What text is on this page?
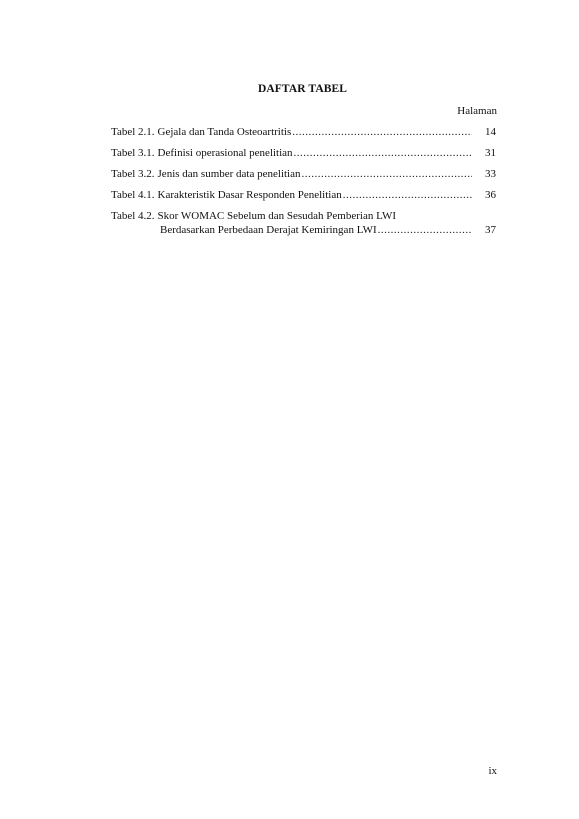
DAFTAR TABEL
Halaman
Tabel 2.1. Gejala dan Tanda Osteoartritis .....	14
Tabel 3.1. Definisi operasional penelitian .....	31
Tabel 3.2. Jenis dan sumber data penelitian .....	33
Tabel 4.1. Karakteristik Dasar Responden Penelitian .....	36
Tabel 4.2. Skor WOMAC Sebelum dan Sesudah Pemberian LWI
Berdasarkan Perbedaan Derajat Kemiringan LWI .....	37
ix
